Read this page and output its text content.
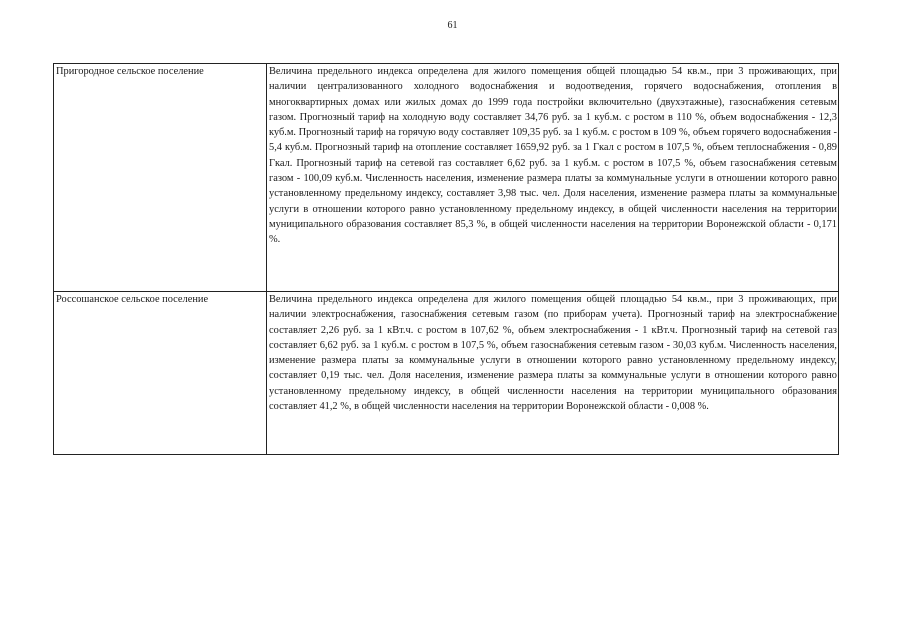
61
Пригородное сельское поселение	Величина предельного индекса определена для жилого помещения общей площадью 54 кв.м., при 3 проживающих, при наличии централизованного холодного водоснабжения и водоотведения, горячего водоснабжения, отопления в многоквартирных домах или жилых домах до 1999 года постройки включительно (двухэтажные), газоснабжения сетевым газом. Прогнозный тариф на холодную воду составляет 34,76 руб. за 1 куб.м. с ростом в 110 %, объем водоснабжения - 12,3 куб.м. Прогнозный тариф на горячую воду составляет 109,35 руб. за 1 куб.м. с ростом в 109 %, объем горячего водоснабжения - 5,4 куб.м. Прогнозный тариф на отопление составляет 1659,92 руб. за 1 Гкал с ростом в 107,5 %, объем теплоснабжения - 0,89 Гкал. Прогнозный тариф на сетевой газ составляет 6,62 руб. за 1 куб.м. с ростом в 107,5 %, объем газоснабжения сетевым газом - 100,09 куб.м. Численность населения, изменение размера платы за коммунальные услуги в отношении которого равно установленному предельному индексу, составляет 3,98 тыс. чел. Доля населения, изменение размера платы за коммунальные услуги в отношении которого равно установленному предельному индексу, в общей численности населения на территории муниципального образования составляет 85,3 %, в общей численности населения на территории Воронежской области - 0,171 %.
Россошанское сельское поселение	Величина предельного индекса определена для жилого помещения общей площадью 54 кв.м., при 3 проживающих, при наличии электроснабжения, газоснабжения сетевым газом (по приборам учета). Прогнозный тариф на электроснабжение составляет 2,26 руб. за 1 кВт.ч. с ростом в 107,62 %, объем электроснабжения - 1 кВт.ч. Прогнозный тариф на сетевой газ составляет 6,62 руб. за 1 куб.м. с ростом в 107,5 %, объем газоснабжения сетевым газом - 30,03 куб.м. Численность населения, изменение размера платы за коммунальные услуги в отношении которого равно установленному предельному индексу, составляет 0,19 тыс. чел. Доля населения, изменение размера платы за коммунальные услуги в отношении которого равно установленному предельному индексу, в общей численности населения на территории муниципального образования составляет 41,2 %, в общей численности населения на территории Воронежской области - 0,008 %.
